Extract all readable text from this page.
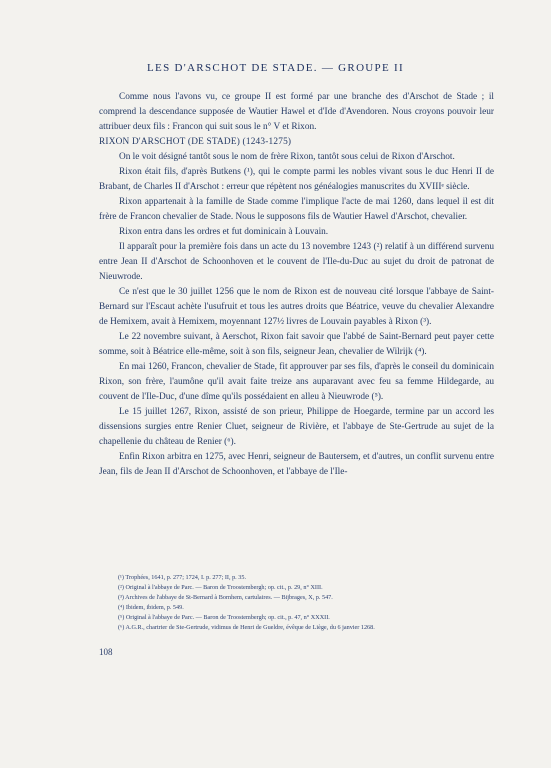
LES D'ARSCHOT DE STADE. — GROUPE II

Comme nous l'avons vu, ce groupe II est formé par une branche des d'Arschot de Stade ; il comprend la descendance supposée de Wautier Hawel et d'Ide d'Avendoren. Nous croyons pouvoir leur attribuer deux fils : Francon qui suit sous le n° V et Rixon.

RIXON D'ARSCHOT (DE STADE) (1243-1275)

On le voit désigné tantôt sous le nom de frère Rixon, tantôt sous celui de Rixon d'Arschot.

Rixon était fils, d'après Butkens (¹), qui le compte parmi les nobles vivant sous le duc Henri II de Brabant, de Charles II d'Arschot : erreur que répètent nos généalogies manuscrites du XVIIIᵉ siècle.

Rixon appartenait à la famille de Stade comme l'implique l'acte de mai 1260, dans lequel il est dit frère de Francon chevalier de Stade. Nous le supposons fils de Wautier Hawel d'Arschot, chevalier.

Rixon entra dans les ordres et fut dominicain à Louvain.

Il apparaît pour la première fois dans un acte du 13 novembre 1243 (²) relatif à un différend survenu entre Jean II d'Arschot de Schoonhoven et le couvent de l'Ile-du-Duc au sujet du droit de patronat de Nieuwrode.

Ce n'est que le 30 juillet 1256 que le nom de Rixon est de nouveau cité lorsque l'abbaye de Saint-Bernard sur l'Escaut achète l'usufruit et tous les autres droits que Béatrice, veuve du chevalier Alexandre de Hemixem, avait à Hemixem, moyennant 127½ livres de Louvain payables à Rixon (³).

Le 22 novembre suivant, à Aerschot, Rixon fait savoir que l'abbé de Saint-Bernard peut payer cette somme, soit à Béatrice elle-même, soit à son fils, seigneur Jean, chevalier de Wilrijk (⁴).

En mai 1260, Francon, chevalier de Stade, fit approuver par ses fils, d'après le conseil du dominicain Rixon, son frère, l'aumône qu'il avait faite treize ans auparavant avec feu sa femme Hildegarde, au couvent de l'Ile-Duc, d'une dîme qu'ils possédaient en alleu à Nieuwrode (⁵).

Le 15 juillet 1267, Rixon, assisté de son prieur, Philippe de Hoegarde, termine par un accord les dissensions surgies entre Renier Cluet, seigneur de Rivière, et l'abbaye de Ste-Gertrude au sujet de la chapellenie du château de Renier (⁶).

Enfin Rixon arbitra en 1275, avec Henri, seigneur de Bautersem, et d'autres, un conflit survenu entre Jean, fils de Jean II d'Arschot de Schoonhoven, et l'abbaye de l'Ile-

(¹) Trophées, 1641, p. 277; 1724, I. p. 277; II, p. 35.
(²) Original à l'abbaye de Parc. — Baron de Troostembergh; op. cit., p. 29, n° XIII.
(³) Archives de l'abbaye de St-Bernard à Bornhem, cartulaires. — Bijbrages, X, p. 547.
(⁴) Ibidem, ibidem, p. 549.
(⁵) Original à l'abbaye de Parc. — Baron de Troostembergh; op. cit., p. 47, n° XXXII.
(⁶) A.G.R., chartrier de Ste-Gertrude, vidimus de Henri de Gueldre, évêque de Liège, du 6 janvier 1268.
108
